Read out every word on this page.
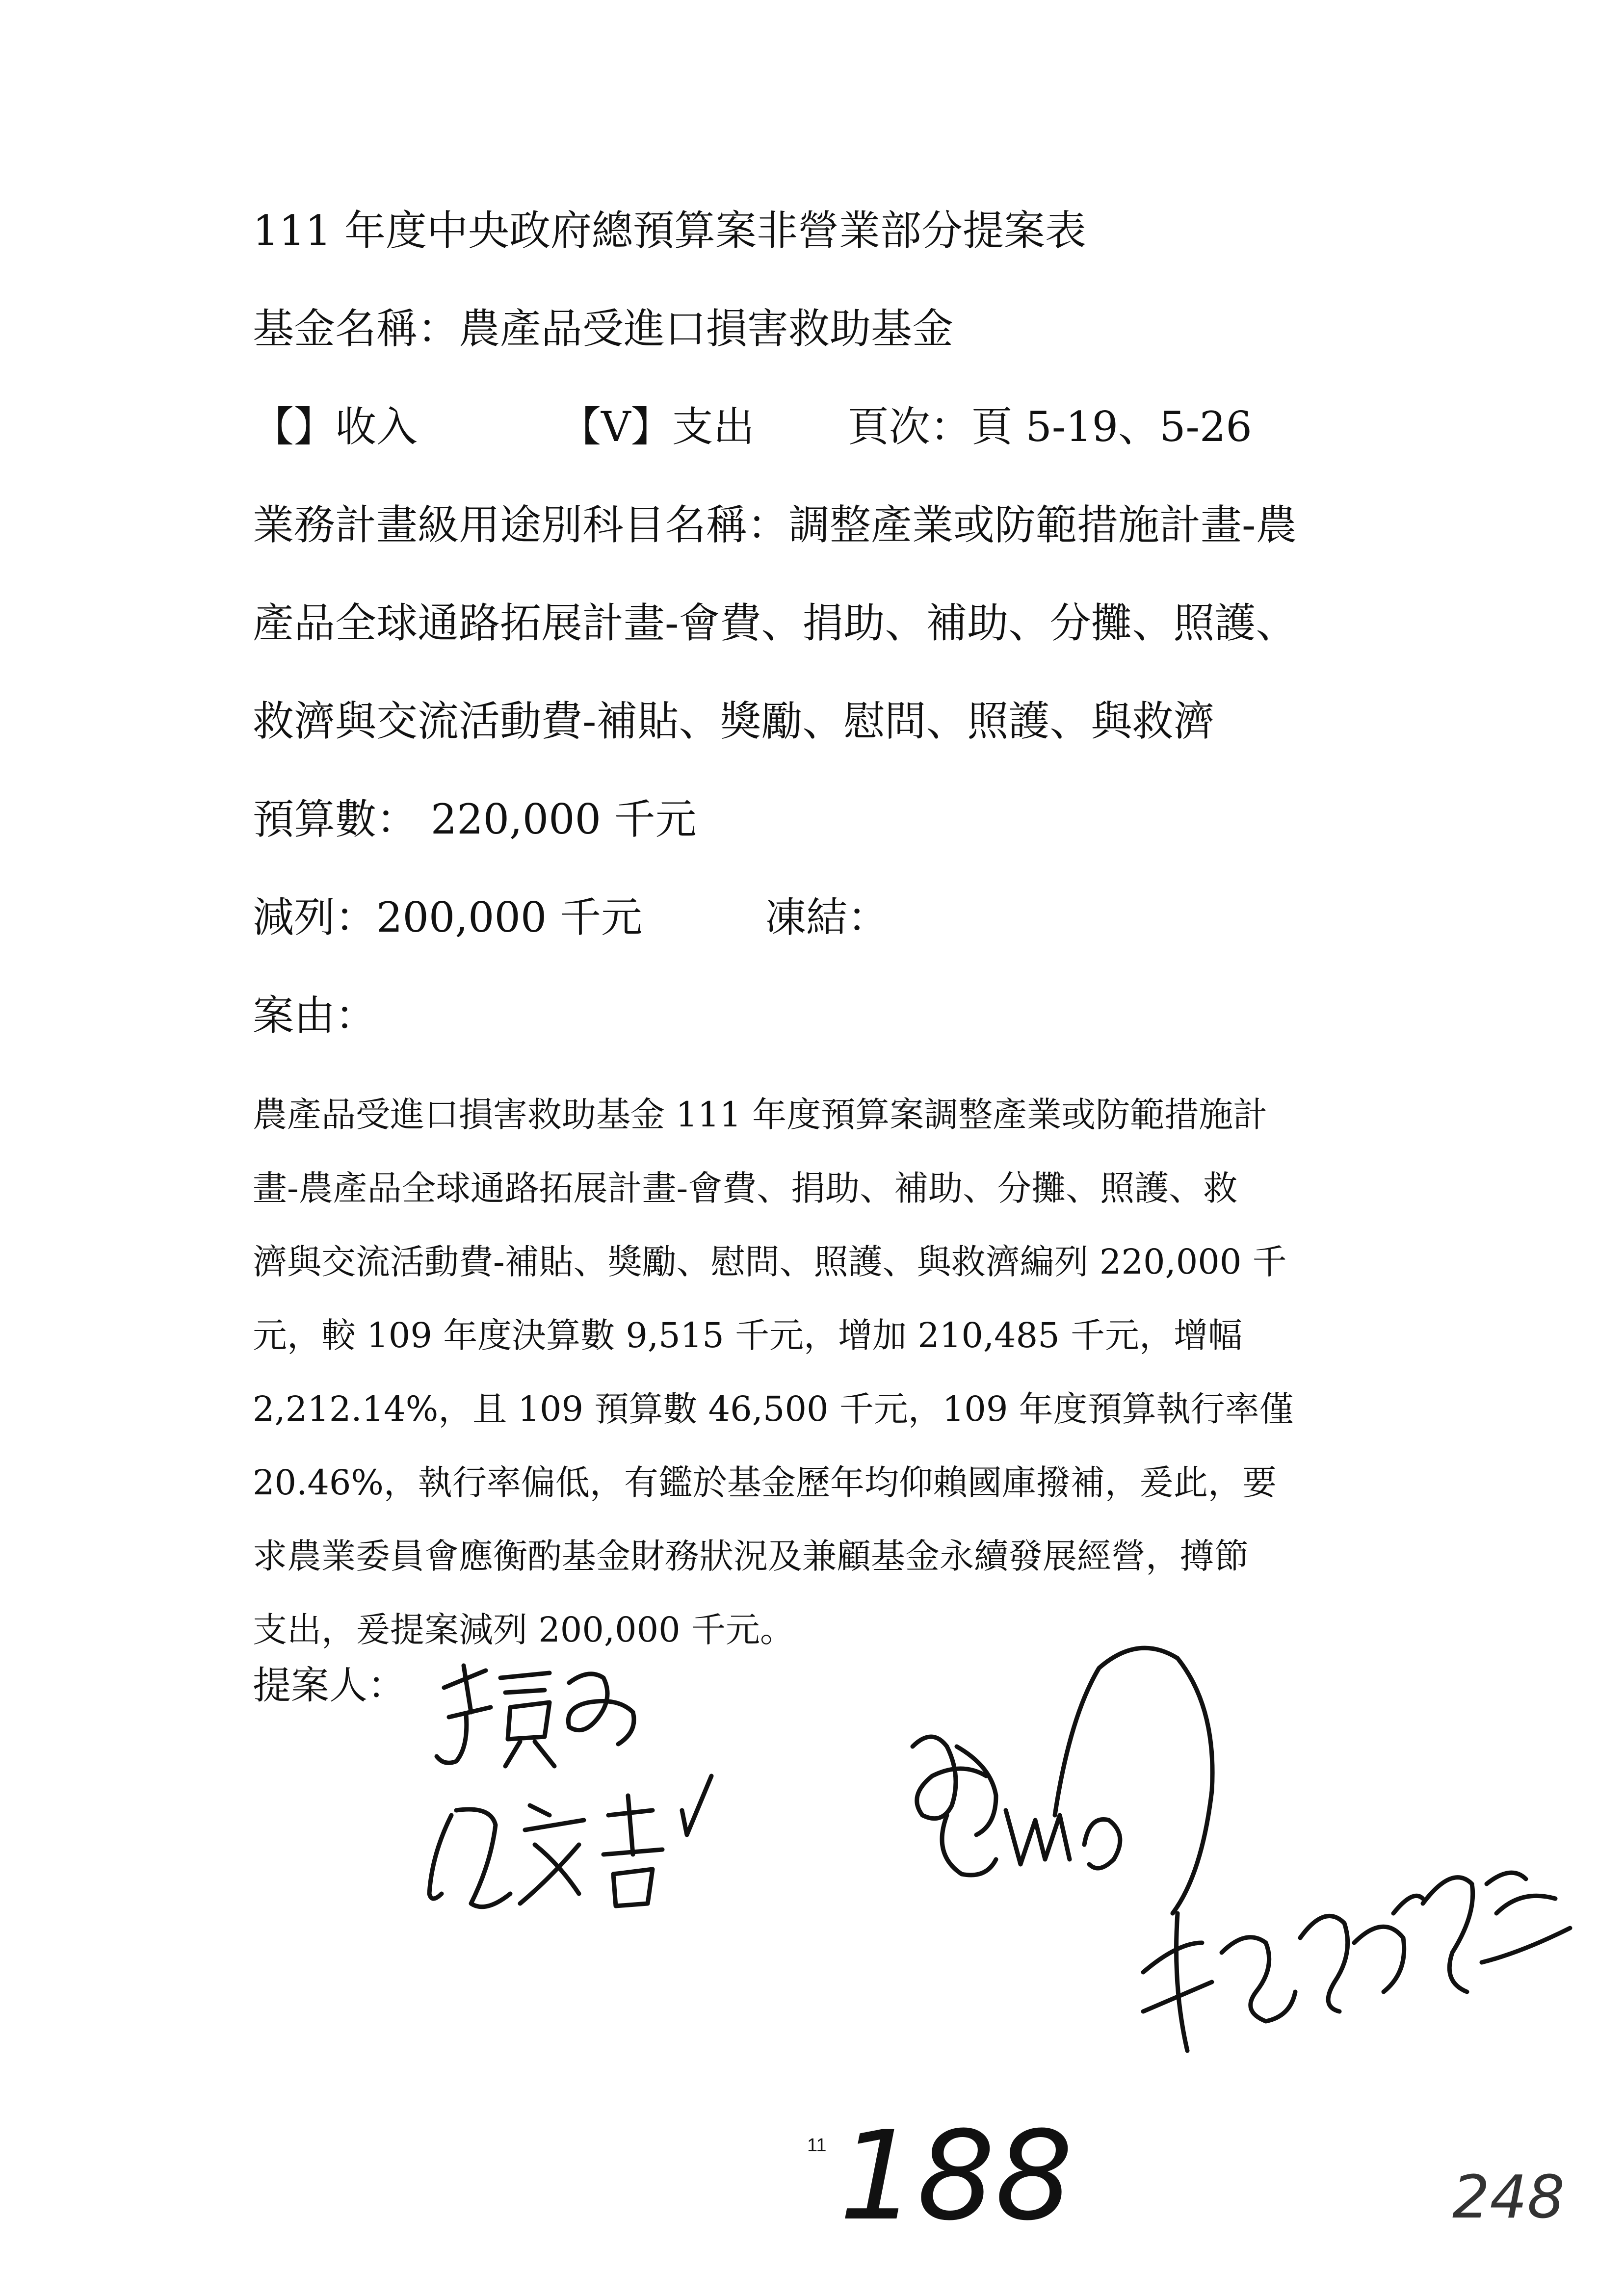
111 年度中央政府總預算案非營業部分提案表
基金名稱：農產品受進口損害救助基金
【】收入	【V】支出 頁次：頁 5-19、5-26
業務計畫級用途別科目名稱：調整產業或防範措施計畫-農
產品全球通路拓展計畫-會費、捐助、補助、分攤、照護、
救濟與交流活動費-補貼、獎勵、慰問、照護、與救濟
預算數： 220,000 千元
減列：200,000 千元	凍結：
案由：
農產品受進口損害救助基金 111 年度預算案調整產業或防範措施計
畫-農產品全球通路拓展計畫-會費、捐助、補助、分攤、照護、救
濟與交流活動費-補貼、獎勵、慰問、照護、與救濟編列 220,000 千
元，較 109 年度決算數 9,515 千元，增加 210,485 千元，增幅
2,212.14%，且 109 預算數 46,500 千元，109 年度預算執行率僅
20.46%，執行率偏低，有鑑於基金歷年均仰賴國庫撥補，爰此，要
求農業委員會應衡酌基金財務狀況及兼顧基金永續發展經營，撙節
支出，爰提案減列 200,000 千元。
提案人：
11 188	248
